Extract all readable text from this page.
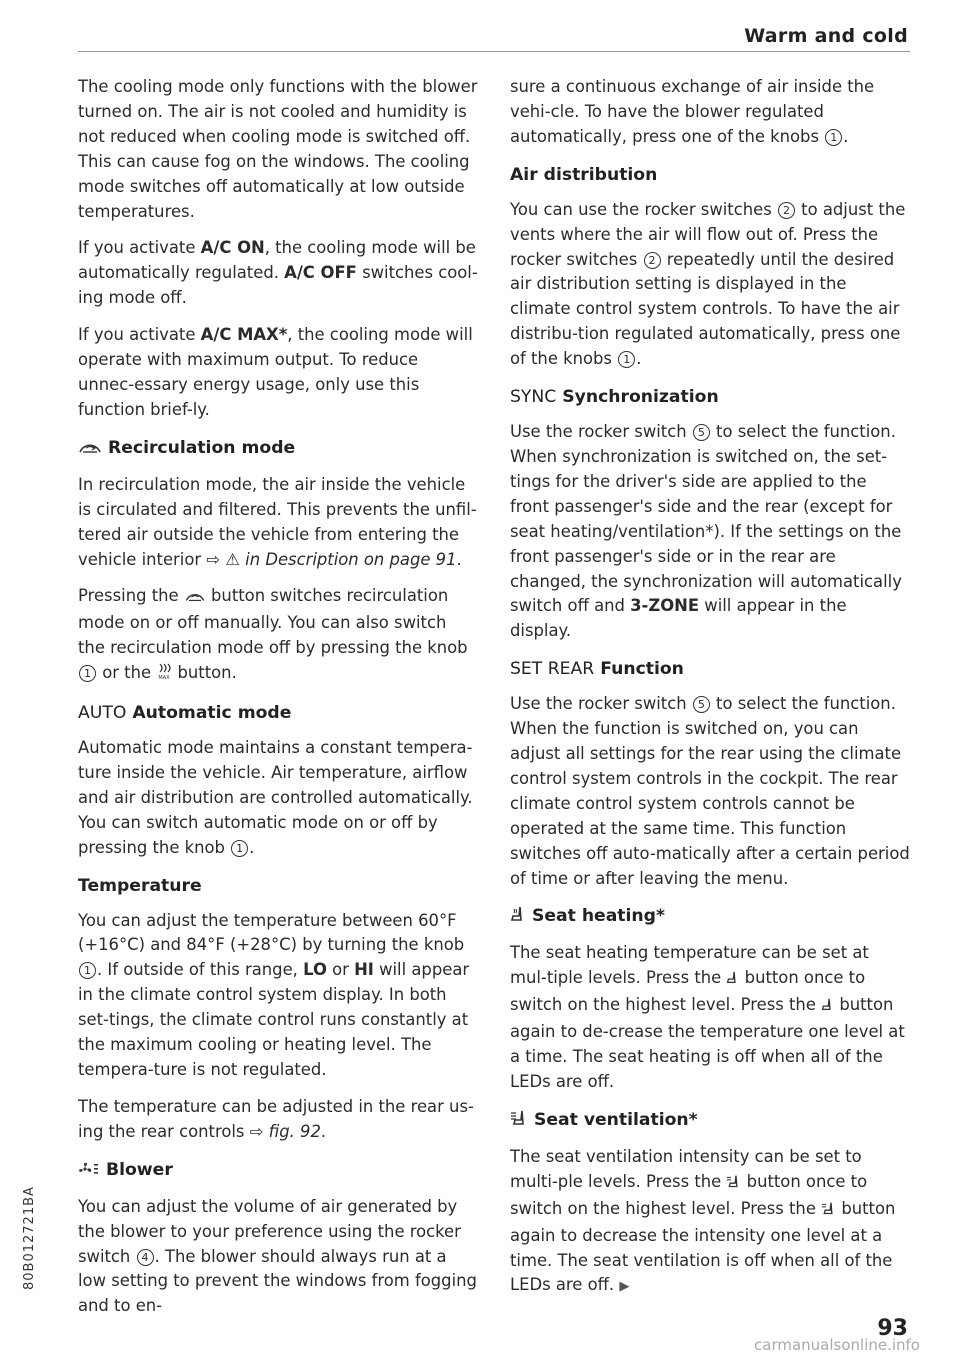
Warm and cold

The cooling mode only functions with the blower turned on. The air is not cooled and humidity is not reduced when cooling mode is switched off. This can cause fog on the windows. The cooling mode switches off automatically at low outside temperatures.

If you activate A/C ON, the cooling mode will be automatically regulated. A/C OFF switches cool-ing mode off.

If you activate A/C MAX*, the cooling mode will operate with maximum output. To reduce unnec-essary energy usage, only use this function brief-ly.

Recirculation mode

In recirculation mode, the air inside the vehicle is circulated and filtered. This prevents the unfil-tered air outside the vehicle from entering the vehicle interior ⇨ ⚠ in Description on page 91.

Pressing the  button switches recirculation mode on or off manually. You can also switch the recirculation mode off by pressing the knob 1 or the MAX button.

AUTO Automatic mode

Automatic mode maintains a constant tempera-ture inside the vehicle. Air temperature, airflow and air distribution are controlled automatically. You can switch automatic mode on or off by pressing the knob 1 .

Temperature

You can adjust the temperature between 60°F (+16°C) and 84°F (+28°C) by turning the knob 1 . If outside of this range, LO or HI will appear in the climate control system display. In both set-tings, the climate control runs constantly at the maximum cooling or heating level. The tempera-ture is not regulated.

The temperature can be adjusted in the rear us-ing the rear controls ⇨ fig. 92.

Blower

You can adjust the volume of air generated by the blower to your preference using the rocker switch 4 . The blower should always run at a low setting to prevent the windows from fogging and to en-

sure a continuous exchange of air inside the vehi-cle. To have the blower regulated automatically, press one of the knobs 1 .

Air distribution

You can use the rocker switches 2 to adjust the vents where the air will flow out of. Press the rocker switches 2 repeatedly until the desired air distribution setting is displayed in the climate control system controls. To have the air distribu-tion regulated automatically, press one of the knobs 1 .

SYNC Synchronization

Use the rocker switch 5 to select the function. When synchronization is switched on, the set-tings for the driver's side are applied to the front passenger's side and the rear (except for seat heating/ventilation*). If the settings on the front passenger's side or in the rear are changed, the synchronization will automatically switch off and 3-ZONE will appear in the display.

SET REAR Function

Use the rocker switch 5 to select the function. When the function is switched on, you can adjust all settings for the rear using the climate control system controls in the cockpit. The rear climate control system controls cannot be operated at the same time. This function switches off auto-matically after a certain period of time or after leaving the menu.

Seat heating*

The seat heating temperature can be set at mul-tiple levels. Press the  button once to switch on the highest level. Press the  button again to de-crease the temperature one level at a time. The seat heating is off when all of the LEDs are off.

Seat ventilation*

The seat ventilation intensity can be set to multi-ple levels. Press the  button once to switch on the highest level. Press the  button again to decrease the intensity one level at a time. The seat ventilation is off when all of the LEDs are off. ▶

80B012721BA
93
carmanualsonline.info
